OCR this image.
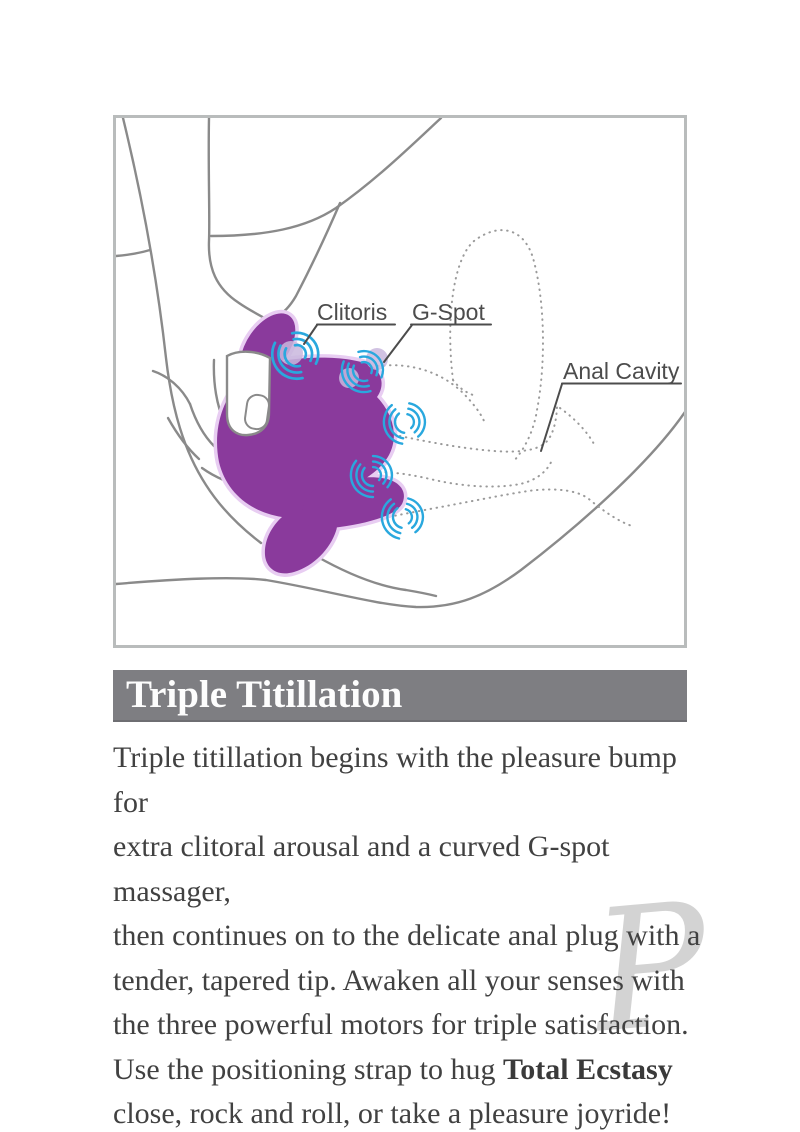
Clitoris G-Spot
Anal Cavity
P
Triple Titillation
Triple titillation begins with the pleasure bump for
extra clitoral arousal and a curved G-spot massager,
then continues on to the delicate anal plug with a
tender, tapered tip. Awaken all your senses with
the three powerful motors for triple satisfaction.
Use the positioning strap to hug Total Ecstasy
close, rock and roll, or take a pleasure joyride!
